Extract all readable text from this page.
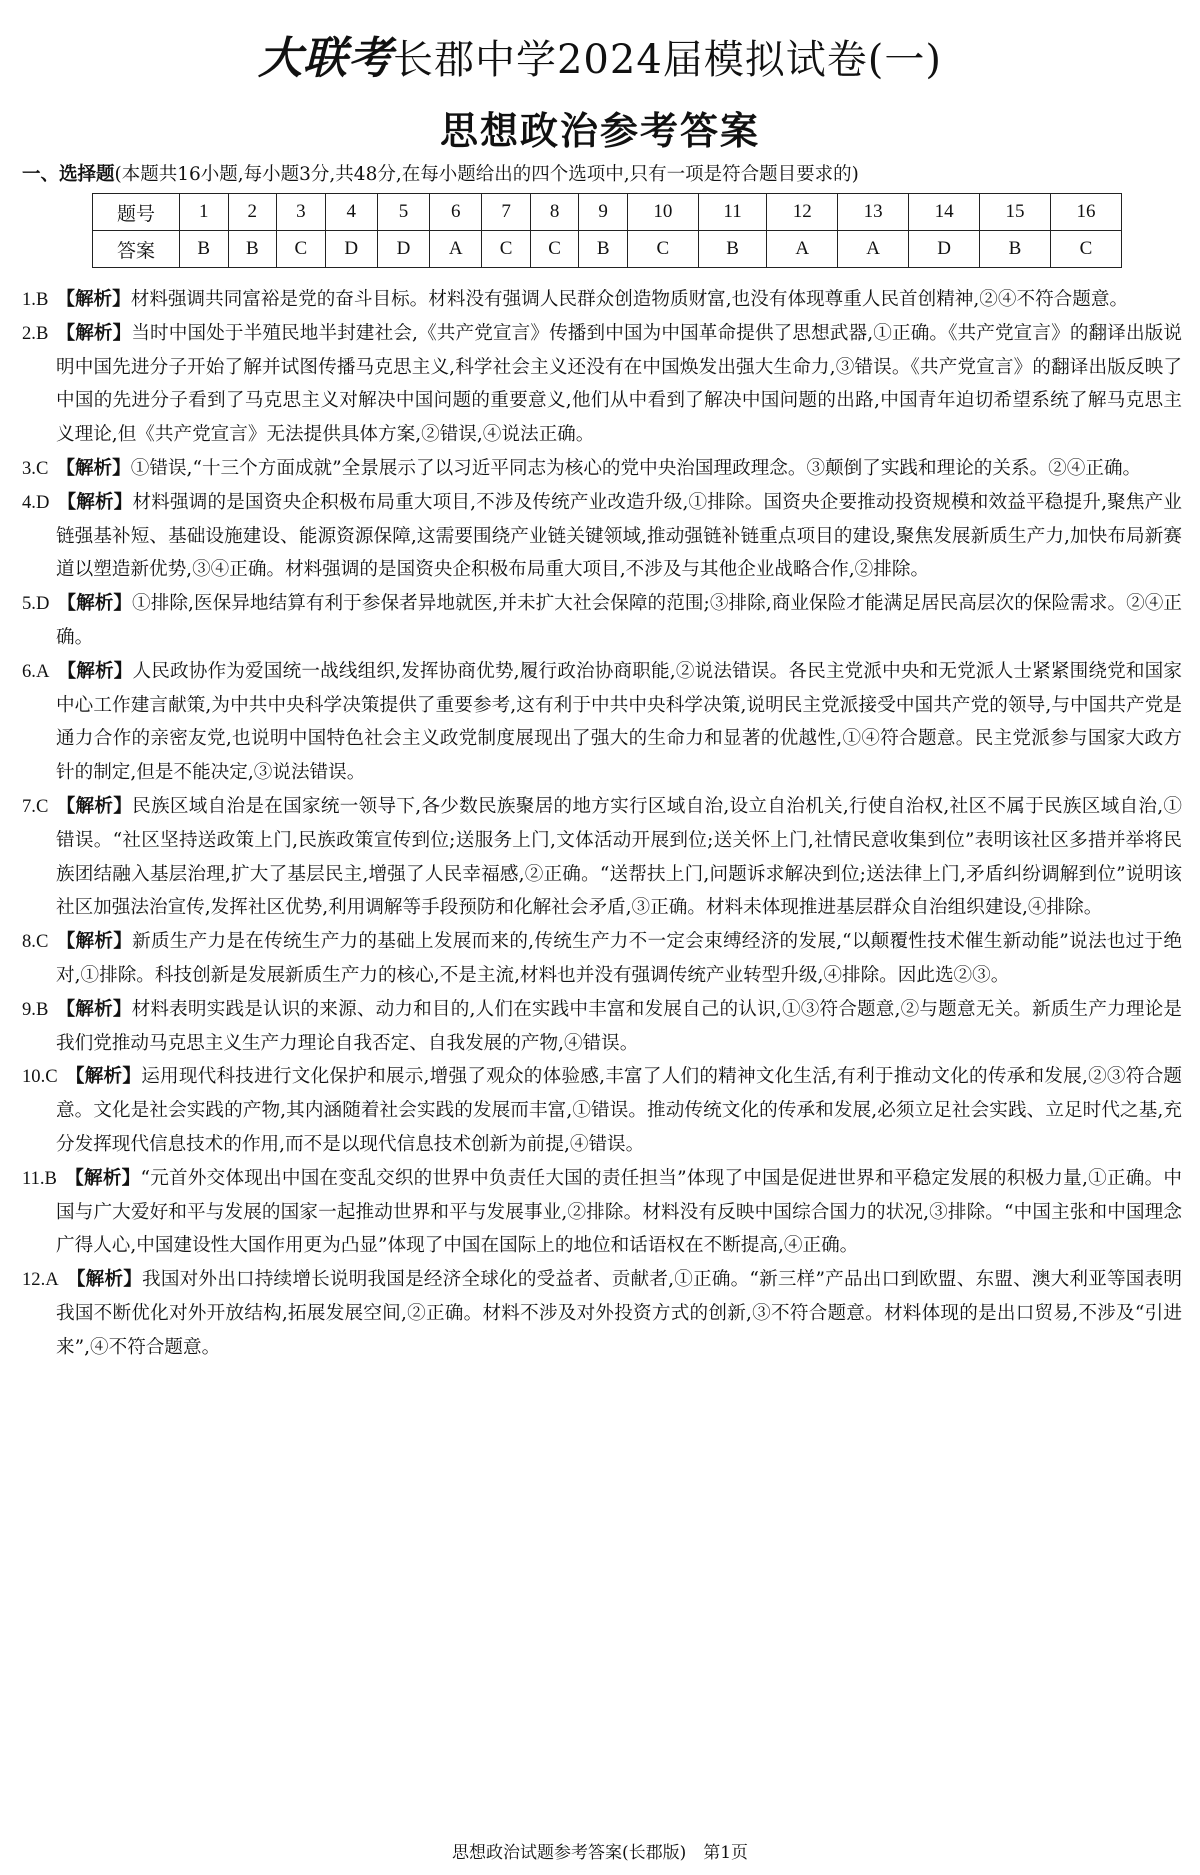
大联考长郡中学2024届模拟试卷(一)
思想政治参考答案
一、选择题(本题共16小题,每小题3分,共48分,在每小题给出的四个选项中,只有一项是符合题目要求的)
题号	1	2	3	4	5	6	7	8	9	10	11	12	13	14	15	16
答案	B	B	C	D	D	A	C	C	B	C	B	A	A	D	B	C

1.B 【解析】材料强调共同富裕是党的奋斗目标。材料没有强调人民群众创造物质财富,也没有体现尊重人民首创精神,②④不符合题意。

2.B 【解析】当时中国处于半殖民地半封建社会,《共产党宣言》传播到中国为中国革命提供了思想武器,①正确。《共产党宣言》的翻译出版说明中国先进分子开始了解并试图传播马克思主义,科学社会主义还没有在中国焕发出强大生命力,③错误。《共产党宣言》的翻译出版反映了中国的先进分子看到了马克思主义对解决中国问题的重要意义,他们从中看到了解决中国问题的出路,中国青年迫切希望系统了解马克思主义理论,但《共产党宣言》无法提供具体方案,②错误,④说法正确。

3.C 【解析】①错误,“十三个方面成就”全景展示了以习近平同志为核心的党中央治国理政理念。③颠倒了实践和理论的关系。②④正确。

4.D 【解析】材料强调的是国资央企积极布局重大项目,不涉及传统产业改造升级,①排除。国资央企要推动投资规模和效益平稳提升,聚焦产业链强基补短、基础设施建设、能源资源保障,这需要围绕产业链关键领域,推动强链补链重点项目的建设,聚焦发展新质生产力,加快布局新赛道以塑造新优势,③④正确。材料强调的是国资央企积极布局重大项目,不涉及与其他企业战略合作,②排除。

5.D 【解析】①排除,医保异地结算有利于参保者异地就医,并未扩大社会保障的范围;③排除,商业保险才能满足居民高层次的保险需求。②④正确。

6.A 【解析】人民政协作为爱国统一战线组织,发挥协商优势,履行政治协商职能,②说法错误。各民主党派中央和无党派人士紧紧围绕党和国家中心工作建言献策,为中共中央科学决策提供了重要参考,这有利于中共中央科学决策,说明民主党派接受中国共产党的领导,与中国共产党是通力合作的亲密友党,也说明中国特色社会主义政党制度展现出了强大的生命力和显著的优越性,①④符合题意。民主党派参与国家大政方针的制定,但是不能决定,③说法错误。

7.C 【解析】民族区域自治是在国家统一领导下,各少数民族聚居的地方实行区域自治,设立自治机关,行使自治权,社区不属于民族区域自治,①错误。“社区坚持送政策上门,民族政策宣传到位;送服务上门,文体活动开展到位;送关怀上门,社情民意收集到位”表明该社区多措并举将民族团结融入基层治理,扩大了基层民主,增强了人民幸福感,②正确。“送帮扶上门,问题诉求解决到位;送法律上门,矛盾纠纷调解到位”说明该社区加强法治宣传,发挥社区优势,利用调解等手段预防和化解社会矛盾,③正确。材料未体现推进基层群众自治组织建设,④排除。

8.C 【解析】新质生产力是在传统生产力的基础上发展而来的,传统生产力不一定会束缚经济的发展,“以颠覆性技术催生新动能”说法也过于绝对,①排除。科技创新是发展新质生产力的核心,不是主流,材料也并没有强调传统产业转型升级,④排除。因此选②③。

9.B 【解析】材料表明实践是认识的来源、动力和目的,人们在实践中丰富和发展自己的认识,①③符合题意,②与题意无关。新质生产力理论是我们党推动马克思主义生产力理论自我否定、自我发展的产物,④错误。

10.C 【解析】运用现代科技进行文化保护和展示,增强了观众的体验感,丰富了人们的精神文化生活,有利于推动文化的传承和发展,②③符合题意。文化是社会实践的产物,其内涵随着社会实践的发展而丰富,①错误。推动传统文化的传承和发展,必须立足社会实践、立足时代之基,充分发挥现代信息技术的作用,而不是以现代信息技术创新为前提,④错误。

11.B 【解析】“元首外交体现出中国在变乱交织的世界中负责任大国的责任担当”体现了中国是促进世界和平稳定发展的积极力量,①正确。中国与广大爱好和平与发展的国家一起推动世界和平与发展事业,②排除。材料没有反映中国综合国力的状况,③排除。“中国主张和中国理念广得人心,中国建设性大国作用更为凸显”体现了中国在国际上的地位和话语权在不断提高,④正确。

12.A 【解析】我国对外出口持续增长说明我国是经济全球化的受益者、贡献者,①正确。“新三样”产品出口到欧盟、东盟、澳大利亚等国表明我国不断优化对外开放结构,拓展发展空间,②正确。材料不涉及对外投资方式的创新,③不符合题意。材料体现的是出口贸易,不涉及“引进来”,④不符合题意。

思想政治试题参考答案(长郡版)　第1页
